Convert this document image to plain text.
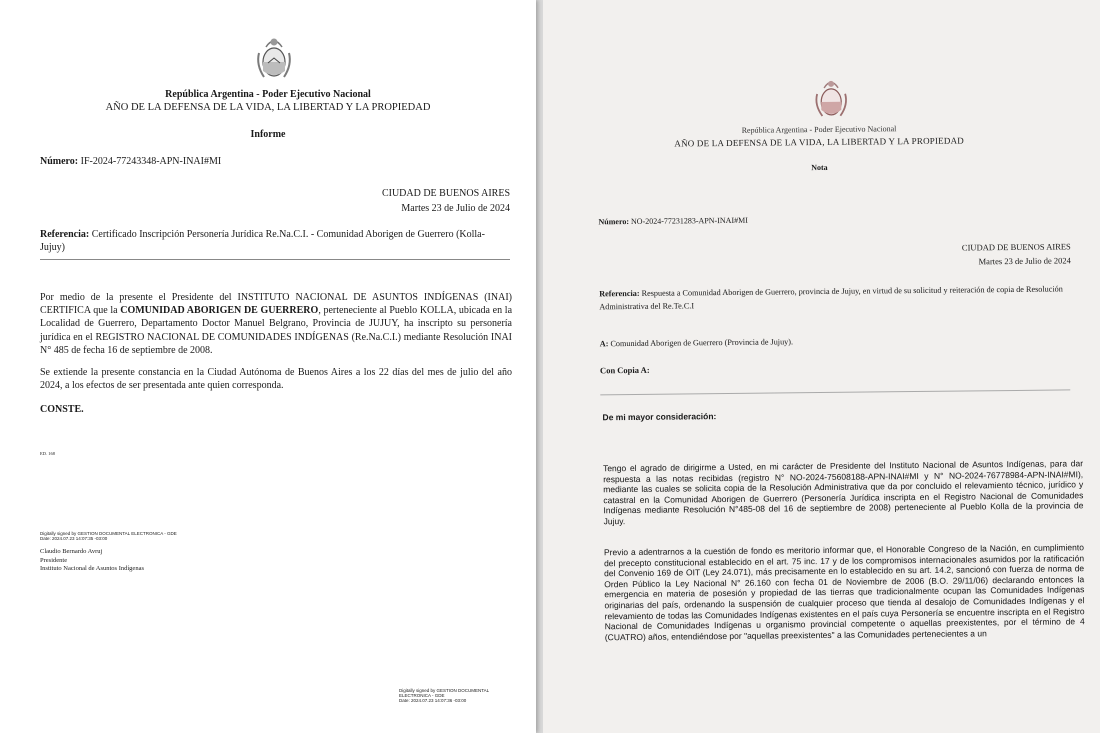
República Argentina - Poder Ejecutivo Nacional

AÑO DE LA DEFENSA DE LA VIDA, LA LIBERTAD Y LA PROPIEDAD

Informe

Número: IF-2024-77243348-APN-INAI#MI

CIUDAD DE BUENOS AIRES
Martes 23 de Julio de 2024

Referencia: Certificado Inscripción Personería Jurídica Re.Na.C.I. - Comunidad Aborigen de Guerrero (Kolla-Jujuy)

Por medio de la presente el Presidente del INSTITUTO NACIONAL DE ASUNTOS INDÍGENAS (INAI) CERTIFICA que la COMUNIDAD ABORIGEN DE GUERRERO, perteneciente al Pueblo KOLLA, ubicada en la Localidad de Guerrero, Departamento Doctor Manuel Belgrano, Provincia de JUJUY, ha inscripto su personería jurídica en el REGISTRO NACIONAL DE COMUNIDADES INDÍGENAS (Re.Na.C.I.) mediante Resolución INAI N° 485 de fecha 16 de septiembre de 2008.

Se extiende la presente constancia en la Ciudad Autónoma de Buenos Aires a los 22 días del mes de julio del año 2024, a los efectos de ser presentada ante quien corresponda.

CONSTE.

ED. 168

Digitally signed by GESTION DOCUMENTAL ELECTRONICA - GDE
Date: 2024.07.23 14:07:35 -03:00
Claudio Bernardo Avruj
Presidente
Instituto Nacional de Asuntos Indígenas
Digitally signed by GESTION DOCUMENTAL
ELECTRONICA - GDE
Date: 2024.07.23 14:07:36 -03:00

República Argentina - Poder Ejecutivo Nacional

AÑO DE LA DEFENSA DE LA VIDA, LA LIBERTAD Y LA PROPIEDAD

Nota

Número: NO-2024-77231283-APN-INAI#MI

CIUDAD DE BUENOS AIRES
Martes 23 de Julio de 2024

Referencia: Respuesta a Comunidad Aborigen de Guerrero, provincia de Jujuy, en virtud de su solicitud y reiteración de copia de Resolución Administrativa del Re.Te.C.I

A: Comunidad Aborigen de Guerrero (Provincia de Jujuy).

Con Copia A:

De mi mayor consideración:

Tengo el agrado de dirigirme a Usted, en mi carácter de Presidente del Instituto Nacional de Asuntos Indígenas, para dar respuesta a las notas recibidas (registro N° NO-2024-75608188-APN-INAI#MI y N° NO-2024-76778984-APN-INAI#MI), mediante las cuales se solicita copia de la Resolución Administrativa que da por concluido el relevamiento técnico, jurídico y catastral en la Comunidad Aborigen de Guerrero (Personería Jurídica inscripta en el Registro Nacional de Comunidades Indígenas mediante Resolución N°485-08 del 16 de septiembre de 2008) perteneciente al Pueblo Kolla de la provincia de Jujuy.

Previo a adentrarnos a la cuestión de fondo es meritorio informar que, el Honorable Congreso de la Nación, en cumplimiento del precepto constitucional establecido en el art. 75 inc. 17 y de los compromisos internacionales asumidos por la ratificación del Convenio 169 de OIT (Ley 24.071), más precisamente en lo establecido en su art. 14.2, sancionó con fuerza de norma de Orden Público la Ley Nacional N° 26.160 con fecha 01 de Noviembre de 2006 (B.O. 29/11/06) declarando entonces la emergencia en materia de posesión y propiedad de las tierras que tradicionalmente ocupan las Comunidades Indígenas originarias del país, ordenando la suspensión de cualquier proceso que tienda al desalojo de Comunidades Indígenas y el relevamiento de todas las Comunidades Indígenas existentes en el país cuya Personería se encuentre inscripta en el Registro Nacional de Comunidades Indígenas u organismo provincial competente o aquellas preexistentes, por el término de 4 (CUATRO) años, entendiéndose por "aquellas preexistentes" a las Comunidades pertenecientes a un
